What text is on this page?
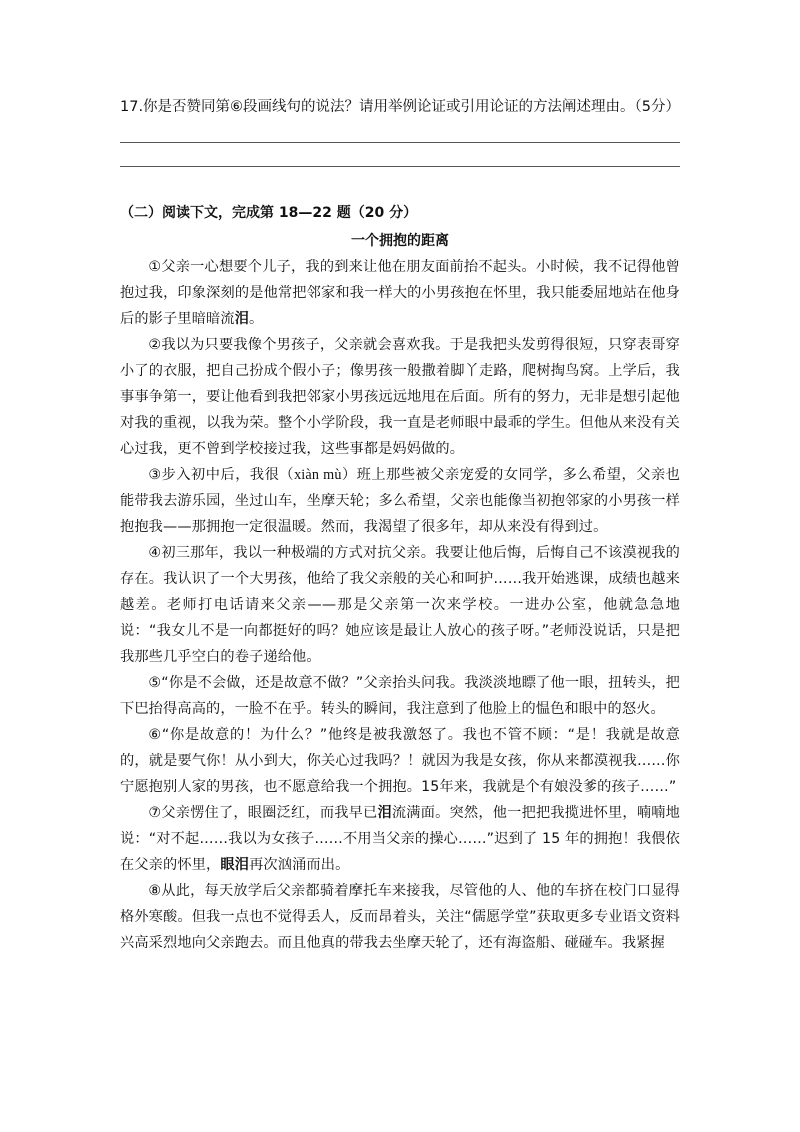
17.你是否赞同第⑥段画线句的说法？请用举例论证或引用论证的方法阐述理由。（5分）
（二）阅读下文，完成第 18—22 题（20 分）
一个拥抱的距离

①父亲一心想要个儿子，我的到来让他在朋友面前抬不起头。小时候，我不记得他曾抱过我，印象深刻的是他常把邻家和我一样大的小男孩抱在怀里，我只能委屈地站在他身后的影子里暗暗流泪。

②我以为只要我像个男孩子，父亲就会喜欢我。于是我把头发剪得很短，只穿表哥穿小了的衣服，把自己扮成个假小子；像男孩一般撒着脚丫走路，爬树掏鸟窝。上学后，我事事争第一，要让他看到我把邻家小男孩远远地甩在后面。所有的努力，无非是想引起他对我的重视，以我为荣。整个小学阶段，我一直是老师眼中最乖的学生。但他从来没有关心过我，更不曾到学校接过我，这些事都是妈妈做的。

③步入初中后，我很（xiàn mù）班上那些被父亲宠爱的女同学，多么希望，父亲也能带我去游乐园，坐过山车，坐摩天轮；多么希望，父亲也能像当初抱邻家的小男孩一样抱抱我——那拥抱一定很温暖。然而，我渴望了很多年，却从来没有得到过。

④初三那年，我以一种极端的方式对抗父亲。我要让他后悔，后悔自己不该漠视我的存在。我认识了一个大男孩，他给了我父亲般的关心和呵护……我开始逃课，成绩也越来越差。老师打电话请来父亲——那是父亲第一次来学校。一进办公室，他就急急地说：“我女儿不是一向都挺好的吗？她应该是最让人放心的孩子呀。”老师没说话，只是把我那些几乎空白的卷子递给他。

⑤“你是不会做，还是故意不做？”父亲抬头问我。我淡淡地瞟了他一眼，扭转头，把下巴抬得高高的，一脸不在乎。转头的瞬间，我注意到了他脸上的愠色和眼中的怒火。

⑥“你是故意的！为什么？”他终是被我激怒了。我也不管不顾：“是！我就是故意的，就是要气你！从小到大，你关心过我吗？！就因为我是女孩，你从来都漠视我……你宁愿抱别人家的男孩，也不愿意给我一个拥抱。15年来，我就是个有娘没爹的孩子……”

⑦父亲愣住了，眼圈泛红，而我早已泪流满面。突然，他一把把我揽进怀里，喃喃地说：“对不起……我以为女孩子……不用当父亲的操心……”迟到了 15 年的拥抱！我偎依在父亲的怀里，眼泪再次汹涌而出。

⑧从此，每天放学后父亲都骑着摩托车来接我，尽管他的人、他的车挤在校门口显得格外寒酸。但我一点也不觉得丢人，反而昂着头，关注“儒愿学堂”获取更多专业语文资料兴高采烈地向父亲跑去。而且他真的带我去坐摩天轮了，还有海盗船、碰碰车。我紧握
